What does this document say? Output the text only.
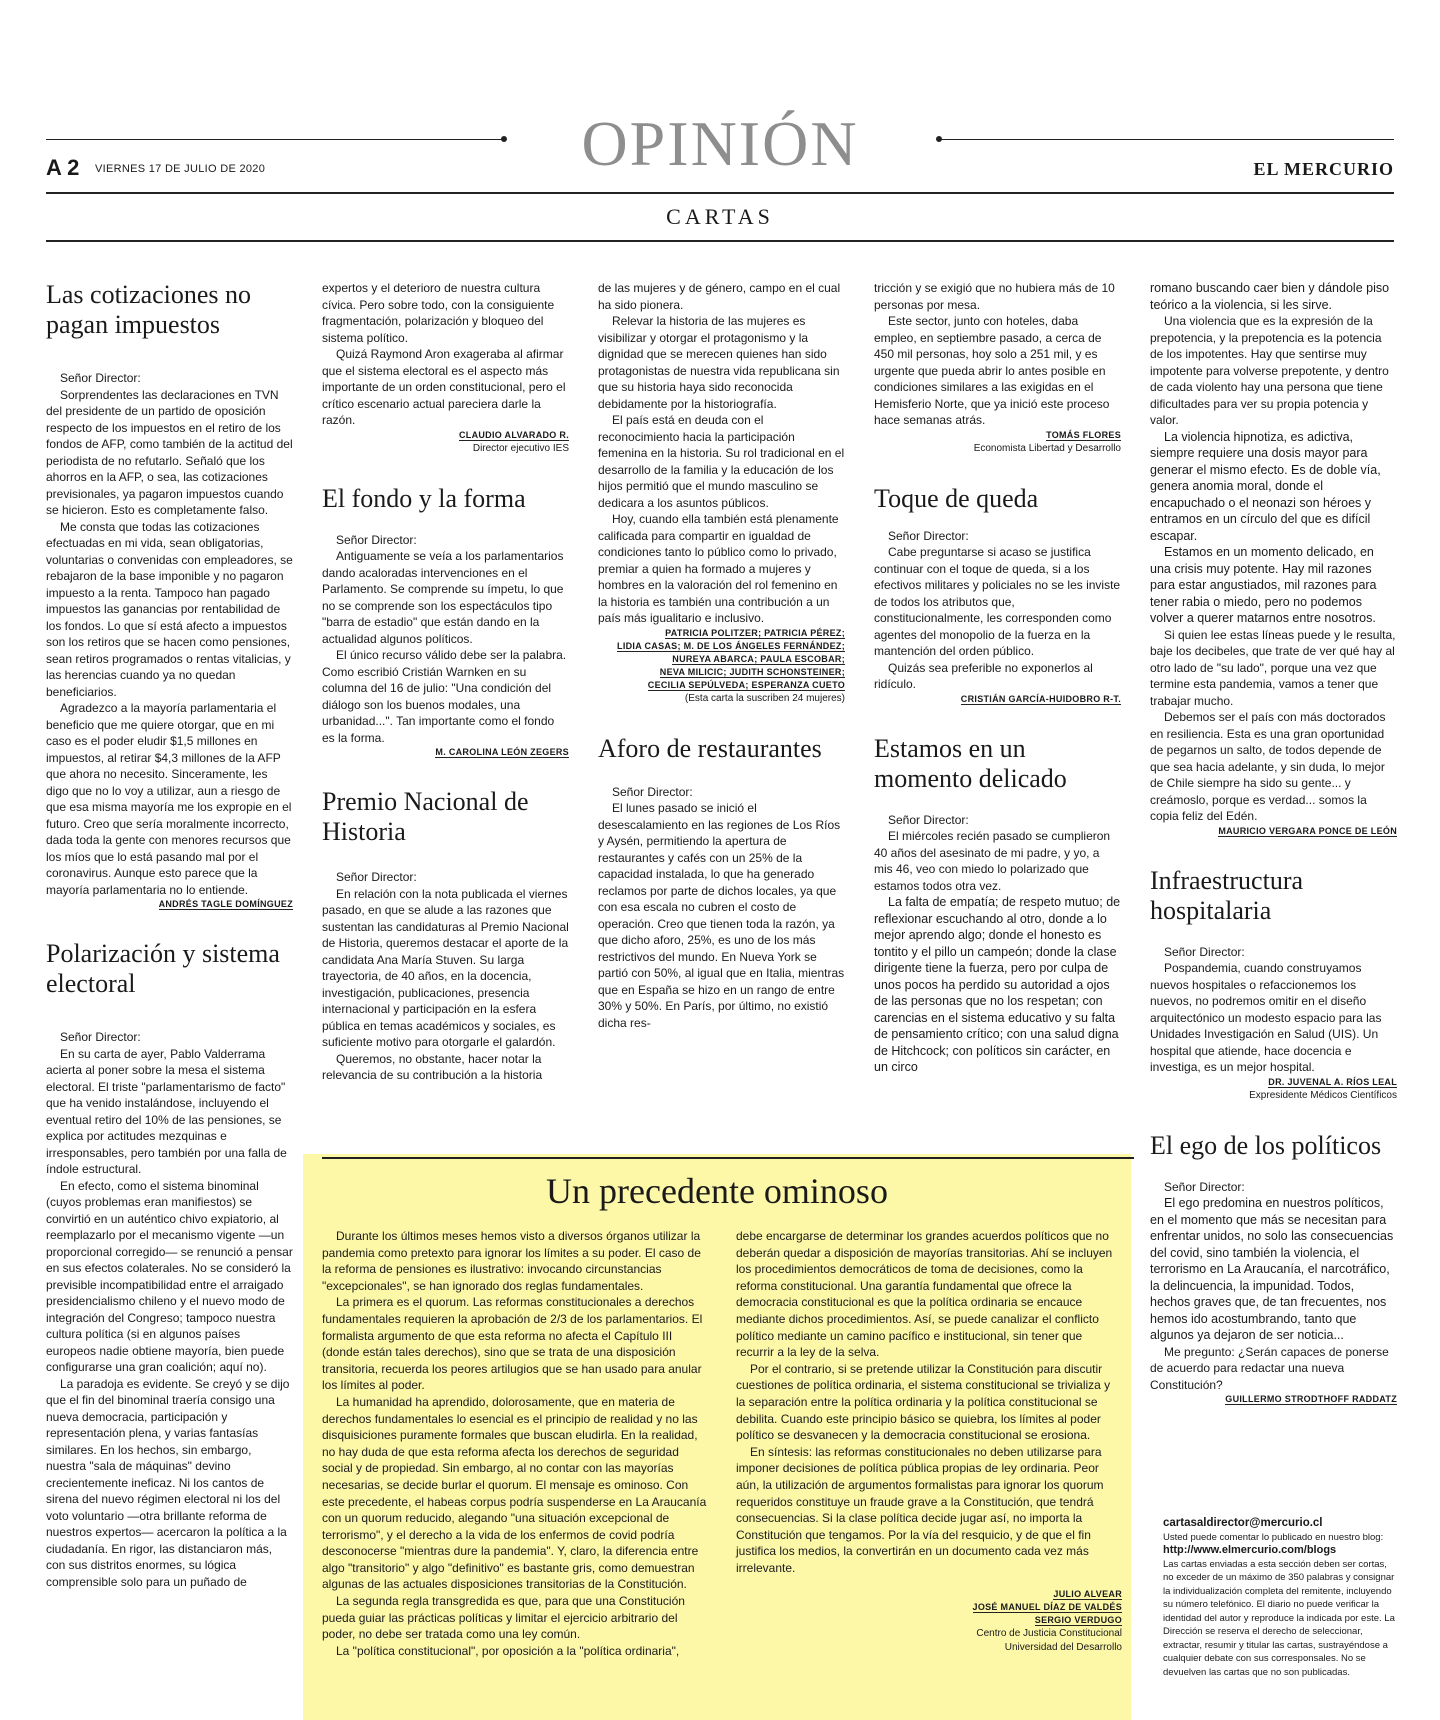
OPINIÓN
A 2 VIERNES 17 DE JULIO DE 2020	EL MERCURIO
CARTAS
Las cotizaciones no pagan impuestos

Señor Director:

Sorprendentes las declaraciones en TVN del presidente de un partido de oposición respecto de los impuestos en el retiro de los fondos de AFP, como también de la actitud del periodista de no refutarlo. Señaló que los ahorros en la AFP, o sea, las cotizaciones previsionales, ya pagaron impuestos cuando se hicieron. Esto es completamente falso.

Me consta que todas las cotizaciones efectuadas en mi vida, sean obligatorias, voluntarias o convenidas con empleadores, se rebajaron de la base imponible y no pagaron impuesto a la renta. Tampoco han pagado impuestos las ganancias por rentabilidad de los fondos. Lo que sí está afecto a impuestos son los retiros que se hacen como pensiones, sean retiros programados o rentas vitalicias, y las herencias cuando ya no quedan beneficiarios.

Agradezco a la mayoría parlamentaria el beneficio que me quiere otorgar, que en mi caso es el poder eludir $1,5 millones en impuestos, al retirar $4,3 millones de la AFP que ahora no necesito. Sinceramente, les digo que no lo voy a utilizar, aun a riesgo de que esa misma mayoría me los expropie en el futuro. Creo que sería moralmente incorrecto, dada toda la gente con menores recursos que los míos que lo está pasando mal por el coronavirus. Aunque esto parece que la mayoría parlamentaria no lo entiende.

ANDRÉS TAGLE DOMÍNGUEZ
Polarización y sistema electoral

Señor Director:

En su carta de ayer, Pablo Valderrama acierta al poner sobre la mesa el sistema electoral. El triste "parlamentarismo de facto" que ha venido instalándose, incluyendo el eventual retiro del 10% de las pensiones, se explica por actitudes mezquinas e irresponsables, pero también por una falla de índole estructural.

En efecto, como el sistema binominal (cuyos problemas eran manifiestos) se convirtió en un auténtico chivo expiatorio, al reemplazarlo por el mecanismo vigente —un proporcional corregido— se renunció a pensar en sus efectos colaterales. No se consideró la previsible incompatibilidad entre el arraigado presidencialismo chileno y el nuevo modo de integración del Congreso; tampoco nuestra cultura política (si en algunos países europeos nadie obtiene mayoría, bien puede configurarse una gran coalición; aquí no).

La paradoja es evidente. Se creyó y se dijo que el fin del binominal traería consigo una nueva democracia, participación y representación plena, y varias fantasías similares. En los hechos, sin embargo, nuestra "sala de máquinas" devino crecientemente ineficaz. Ni los cantos de sirena del nuevo régimen electoral ni los del voto voluntario —otra brillante reforma de nuestros expertos— acercaron la política a la ciudadanía. En rigor, las distanciaron más, con sus distritos enormes, su lógica comprensible solo para un puñado de

expertos y el deterioro de nuestra cultura cívica. Pero sobre todo, con la consiguiente fragmentación, polarización y bloqueo del sistema político.

Quizá Raymond Aron exageraba al afirmar que el sistema electoral es el aspecto más importante de un orden constitucional, pero el crítico escenario actual pareciera darle la razón.

CLAUDIO ALVARADO R.
Director ejecutivo IES
El fondo y la forma

Señor Director:

Antiguamente se veía a los parlamentarios dando acaloradas intervenciones en el Parlamento. Se comprende su ímpetu, lo que no se comprende son los espectáculos tipo "barra de estadio" que están dando en la actualidad algunos políticos.

El único recurso válido debe ser la palabra. Como escribió Cristián Warnken en su columna del 16 de julio: "Una condición del diálogo son los buenos modales, una urbanidad...". Tan importante como el fondo es la forma.

M. CAROLINA LEÓN ZEGERS
Premio Nacional de Historia

Señor Director:

En relación con la nota publicada el viernes pasado, en que se alude a las razones que sustentan las candidaturas al Premio Nacional de Historia, queremos destacar el aporte de la candidata Ana María Stuven. Su larga trayectoria, de 40 años, en la docencia, investigación, publicaciones, presencia internacional y participación en la esfera pública en temas académicos y sociales, es suficiente motivo para otorgarle el galardón.

Queremos, no obstante, hacer notar la relevancia de su contribución a la historia

de las mujeres y de género, campo en el cual ha sido pionera.

Relevar la historia de las mujeres es visibilizar y otorgar el protagonismo y la dignidad que se merecen quienes han sido protagonistas de nuestra vida republicana sin que su historia haya sido reconocida debidamente por la historiografía.

El país está en deuda con el reconocimiento hacia la participación femenina en la historia. Su rol tradicional en el desarrollo de la familia y la educación de los hijos permitió que el mundo masculino se dedicara a los asuntos públicos.

Hoy, cuando ella también está plenamente calificada para compartir en igualdad de condiciones tanto lo público como lo privado, premiar a quien ha formado a mujeres y hombres en la valoración del rol femenino en la historia es también una contribución a un país más igualitario e inclusivo.

PATRICIA POLITZER; PATRICIA PÉREZ;
LIDIA CASAS; M. DE LOS ÁNGELES FERNÁNDEZ;
NUREYA ABARCA; PAULA ESCOBAR;
NEVA MILICIC; JUDITH SCHONSTEINER;
CECILIA SEPÚLVEDA; ESPERANZA CUETO
(Esta carta la suscriben 24 mujeres)
Aforo de restaurantes

Señor Director:

El lunes pasado se inició el desescalamiento en las regiones de Los Ríos y Aysén, permitiendo la apertura de restaurantes y cafés con un 25% de la capacidad instalada, lo que ha generado reclamos por parte de dichos locales, ya que con esa escala no cubren el costo de operación. Creo que tienen toda la razón, ya que dicho aforo, 25%, es uno de los más restrictivos del mundo. En Nueva York se partió con 50%, al igual que en Italia, mientras que en España se hizo en un rango de entre 30% y 50%. En París, por último, no existió dicha res-

tricción y se exigió que no hubiera más de 10 personas por mesa.

Este sector, junto con hoteles, daba empleo, en septiembre pasado, a cerca de 450 mil personas, hoy solo a 251 mil, y es urgente que pueda abrir lo antes posible en condiciones similares a las exigidas en el Hemisferio Norte, que ya inició este proceso hace semanas atrás.

TOMÁS FLORES
Economista Libertad y Desarrollo
Toque de queda

Señor Director:

Cabe preguntarse si acaso se justifica continuar con el toque de queda, si a los efectivos militares y policiales no se les inviste de todos los atributos que, constitucionalmente, les corresponden como agentes del monopolio de la fuerza en la mantención del orden público.

Quizás sea preferible no exponerlos al ridículo.

CRISTIÁN GARCÍA-HUIDOBRO R-T.
Estamos en un momento delicado

Señor Director:

El miércoles recién pasado se cumplieron 40 años del asesinato de mi padre, y yo, a mis 46, veo con miedo lo polarizado que estamos todos otra vez.

La falta de empatía; de respeto mutuo; de reflexionar escuchando al otro, donde a lo mejor aprendo algo; donde el honesto es tontito y el pillo un campeón; donde la clase dirigente tiene la fuerza, pero por culpa de unos pocos ha perdido su autoridad a ojos de las personas que no los respetan; con carencias en el sistema educativo y su falta de pensamiento crítico; con una salud digna de Hitchcock; con políticos sin carácter, en un circo

romano buscando caer bien y dándole piso teórico a la violencia, si les sirve.

Una violencia que es la expresión de la prepotencia, y la prepotencia es la potencia de los impotentes. Hay que sentirse muy impotente para volverse prepotente, y dentro de cada violento hay una persona que tiene dificultades para ver su propia potencia y valor.

La violencia hipnotiza, es adictiva, siempre requiere una dosis mayor para generar el mismo efecto. Es de doble vía, genera anomia moral, donde el encapuchado o el neonazi son héroes y entramos en un círculo del que es difícil escapar.

Estamos en un momento delicado, en una crisis muy potente. Hay mil razones para estar angustiados, mil razones para tener rabia o miedo, pero no podemos volver a querer matarnos entre nosotros.

Si quien lee estas líneas puede y le resulta, baje los decibeles, que trate de ver qué hay al otro lado de "su lado", porque una vez que termine esta pandemia, vamos a tener que trabajar mucho.

Debemos ser el país con más doctorados en resiliencia. Esta es una gran oportunidad de pegarnos un salto, de todos depende de que sea hacia adelante, y sin duda, lo mejor de Chile siempre ha sido su gente... y creámoslo, porque es verdad... somos la copia feliz del Edén.

MAURICIO VERGARA PONCE DE LEÓN
Infraestructura hospitalaria

Señor Director:

Pospandemia, cuando construyamos nuevos hospitales o refaccionemos los nuevos, no podremos omitir en el diseño arquitectónico un modesto espacio para las Unidades Investigación en Salud (UIS). Un hospital que atiende, hace docencia e investiga, es un mejor hospital.

DR. JUVENAL A. RÍOS LEAL
Expresidente Médicos Científicos
El ego de los políticos

Señor Director:

El ego predomina en nuestros políticos, en el momento que más se necesitan para enfrentar unidos, no solo las consecuencias del covid, sino también la violencia, el terrorismo en La Araucanía, el narcotráfico, la delincuencia, la impunidad. Todos, hechos graves que, de tan frecuentes, nos hemos ido acostumbrando, tanto que algunos ya dejaron de ser noticia...

Me pregunto: ¿Serán capaces de ponerse de acuerdo para redactar una nueva Constitución?

GUILLERMO STRODTHOFF RADDATZ
cartasaldirector@mercurio.cl
Usted puede comentar lo publicado en nuestro blog:
http://www.elmercurio.com/blogs
Las cartas enviadas a esta sección deben ser cortas, no exceder de un máximo de 350 palabras y consignar la individualización completa del remitente, incluyendo su número telefónico. El diario no puede verificar la identidad del autor y reproduce la indicada por este. La Dirección se reserva el derecho de seleccionar, extractar, resumir y titular las cartas, sustrayéndose a cualquier debate con sus corresponsales. No se devuelven las cartas que no son publicadas.
Un precedente ominoso

Durante los últimos meses hemos visto a diversos órganos utilizar la pandemia como pretexto para ignorar los límites a su poder. El caso de la reforma de pensiones es ilustrativo: invocando circunstancias "excepcionales", se han ignorado dos reglas fundamentales.

La primera es el quorum. Las reformas constitucionales a derechos fundamentales requieren la aprobación de 2/3 de los parlamentarios. El formalista argumento de que esta reforma no afecta el Capítulo III (donde están tales derechos), sino que se trata de una disposición transitoria, recuerda los peores artilugios que se han usado para anular los límites al poder.

La humanidad ha aprendido, dolorosamente, que en materia de derechos fundamentales lo esencial es el principio de realidad y no las disquisiciones puramente formales que buscan eludirla. En la realidad, no hay duda de que esta reforma afecta los derechos de seguridad social y de propiedad. Sin embargo, al no contar con las mayorías necesarias, se decide burlar el quorum. El mensaje es ominoso. Con este precedente, el habeas corpus podría suspenderse en La Araucanía con un quorum reducido, alegando "una situación excepcional de terrorismo", y el derecho a la vida de los enfermos de covid podría desconocerse "mientras dure la pandemia". Y, claro, la diferencia entre algo "transitorio" y algo "definitivo" es bastante gris, como demuestran algunas de las actuales disposiciones transitorias de la Constitución.

La segunda regla transgredida es que, para que una Constitución pueda guiar las prácticas políticas y limitar el ejercicio arbitrario del poder, no debe ser tratada como una ley común.

La "política constitucional", por oposición a la "política ordinaria",

debe encargarse de determinar los grandes acuerdos políticos que no deberán quedar a disposición de mayorías transitorias. Ahí se incluyen los procedimientos democráticos de toma de decisiones, como la reforma constitucional. Una garantía fundamental que ofrece la democracia constitucional es que la política ordinaria se encauce mediante dichos procedimientos. Así, se puede canalizar el conflicto político mediante un camino pacífico e institucional, sin tener que recurrir a la ley de la selva.

Por el contrario, si se pretende utilizar la Constitución para discutir cuestiones de política ordinaria, el sistema constitucional se trivializa y la separación entre la política ordinaria y la política constitucional se debilita. Cuando este principio básico se quiebra, los límites al poder político se desvanecen y la democracia constitucional se erosiona.

En síntesis: las reformas constitucionales no deben utilizarse para imponer decisiones de política pública propias de ley ordinaria. Peor aún, la utilización de argumentos formalistas para ignorar los quorum requeridos constituye un fraude grave a la Constitución, que tendrá consecuencias. Si la clase política decide jugar así, no importa la Constitución que tengamos. Por la vía del resquicio, y de que el fin justifica los medios, la convertirán en un documento cada vez más irrelevante.

JULIO ALVEAR
JOSÉ MANUEL DÍAZ DE VALDÉS
SERGIO VERDUGO
Centro de Justicia Constitucional
Universidad del Desarrollo
